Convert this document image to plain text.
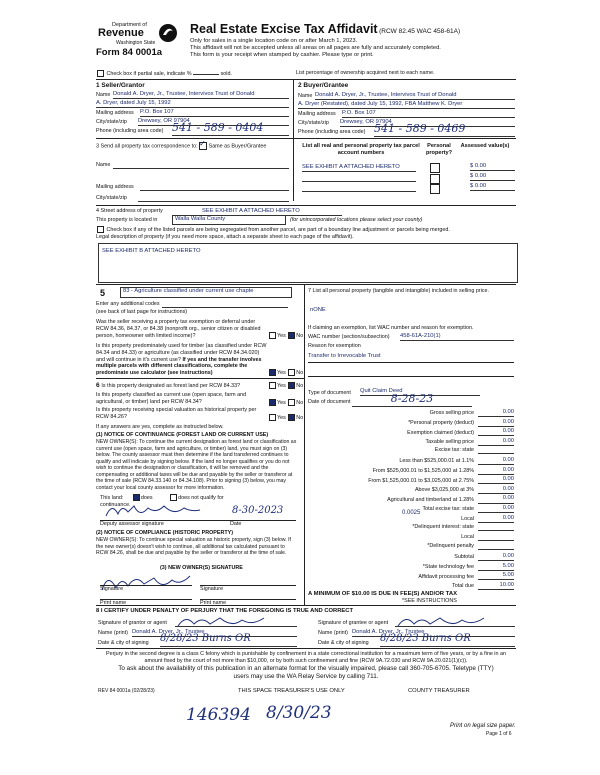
Department of
Revenue
Washington State
Form 84 0001a
Real Estate Excise Tax Affidavit (RCW 82.45 WAC 458-61A)
Only for sales in a single location code on or after March 1, 2023.
This affidavit will not be accepted unless all areas on all pages are fully and accurately completed.
This form is your receipt when stamped by cashier. Please type or print.
Check box if partial sale, indicate %	sold.	List percentage of ownership acquired next to each name.
1 Seller/Grantor
Name Donald A. Dryer, Jr., Trustee, Intervivos Trust of Donald
A. Dryer, dated July 15, 1992
Mailing address P.O. Box 107
City/state/zip Drewsey, OR 97904
Phone (including area code) 541 - 589 - 0404
2 Buyer/Grantee
Name Donald A. Dryer, Jr., Trustee, Intervivos Trust of Donald
A. Dryer (Restated), dated July 15, 1992, FBA Matthew K. Dryer
Mailing address P.O. Box 107
City/state/zip Drewsey, OR 97904
Phone (including area code) 541 - 589 - 0469
3 Send all property tax correspondence to: ✓ Same as Buyer/Grantee
Name
Mailing address
City/state/zip
List all real and personal property tax parcel account numbers
Personal property?
Assessed value(s)
SEE EXHIBIT A ATTACHED HERETO	$ 0.00
$ 0.00
$ 0.00
4 Street address of property	SEE EXHIBIT A ATTACHED HERETO
This property is located in	Walla Walla County	(for unincorporated locations please select your county)
Check box if any of the listed parcels are being segregated from another parcel, are part of a boundary line adjustment or parcels being merged.
Legal description of property (if you need more space, attach a separate sheet to each page of the affidavit).
SEE EXHIBIT B ATTACHED HERETO
5	83 - Agriculture classified under current use chapte
Enter any additional codes
(see back of last page for instructions)
Was the seller receiving a property tax exemption or deferral under RCW 84.36, 84.37, or 84.38 (nonprofit org., senior citizen or disabled person, homeowner with limited income)?	Yes No
Is this property predominately used for timber (as classified under RCW 84.34 and 84.33) or agriculture (as classified under RCW 84.34.020) and will continue in it's current use? If yes and the transfer involves multiple parcels with different classifications, complete the predominate use calculator (see instructions)	Yes No
6 Is this property designated as forest land per RCW 84.33?	Yes No
Is this property classified as current use (open space, farm and agricultural, or timber) land per RCW 84.34?	Yes No
Is this property receiving special valuation as historical property per RCW 84.26?	Yes No
If any answers are yes, complete as instructed below.
(1) NOTICE OF CONTINUANCE (FOREST LAND OR CURRENT USE)
NEW OWNER(S): To continue the current designation as forest land or classification as current use (open space, farm and agriculture, or timber) land, you must sign on (3) below. The county assessor must then determine if the land transferred continues to qualify and will indicate by signing below. If the land no longer qualifies or you do not wish to continue the designation or classification, it will be removed and the compensating or additional taxes will be due and payable by the seller or transferor at the time of sale (RCW 84.33.140 or 84.34.108). Prior to signing (3) below, you may contact your local county assessor for more information.
This land:	does	does not qualify for
continuance.	8-30-2023
Deputy assessor signature	Date
(2) NOTICE OF COMPLIANCE (HISTORIC PROPERTY)
NEW OWNER(S): To continue special valuation as historic property, sign (3) below. If the new owner(s) doesn't wish to continue, all additional tax calculated pursuant to RCW 84.26, shall be due and payable by the seller or transferor at the time of sale.
(3) NEW OWNER(S) SIGNATURE
Signature	Signature
Print name	Print name
7 List all personal property (tangible and intangible) included in selling price.
nONE
If claiming an exemption, list WAC number and reason for exemption.
WAC number (section/subsection) 458-61A-210(1)
Reason for exemption
Transfer to Irrevocable Trust
Type of document Quit Claim Deed
Date of document	8-28-23
Gross selling price	0.00
*Personal property (deduct)	0.00
Exemption claimed (deduct)	0.00
Taxable selling price	0.00
Excise tax: state
Less than $525,000.01 at 1.1%	0.00
From $525,000.01 to $1,525,000 at 1.28%	0.00
From $1,525,000.01 to $3,025,000 at 2.75%	0.00
Above $3,025,000 at 3%	0.00
Agricultural and timberland at 1.28%	0.00
Total excise tax: state	0.00
Local	0.00
*Delinquent interest: state
Local
*Delinquent penalty
Subtotal	0.00
*State technology fee	5.00
Affidavit processing fee	5.00
Total due	10.00
0.0025
A MINIMUM OF $10.00 IS DUE IN FEE(S) AND/OR TAX
*SEE INSTRUCTIONS
8 I CERTIFY UNDER PENALTY OF PERJURY THAT THE FOREGOING IS TRUE AND CORRECT
Signature of grantor or agent
Name (print) Donald A. Dryer, Jr., Trustee
Date & city of signing 8/28/23 Burns OR
Signature of grantee or agent
Name (print) Donald A. Dryer, Jr., Trustee
Date & city of signing 8/28/23 Burns OR
Perjury in the second degree is a class C felony which is punishable by confinement in a state correctional institution for a maximum term of five years, or by a fine in an amount fixed by the court of not more than $10,000, or by both such confinement and fine (RCW 9A.72.030 and RCW 9A.20.021(1)(c)).
To ask about the availability of this publication in an alternate format for the visually impaired, please call 360-705-6705. Teletype (TTY) users may use the WA Relay Service by calling 711.
REV 84 0001a (02/28/23)	THIS SPACE TREASURER'S USE ONLY	COUNTY TREASURER
146394 8/30/23
Print on legal size paper.
Page 1 of 6
